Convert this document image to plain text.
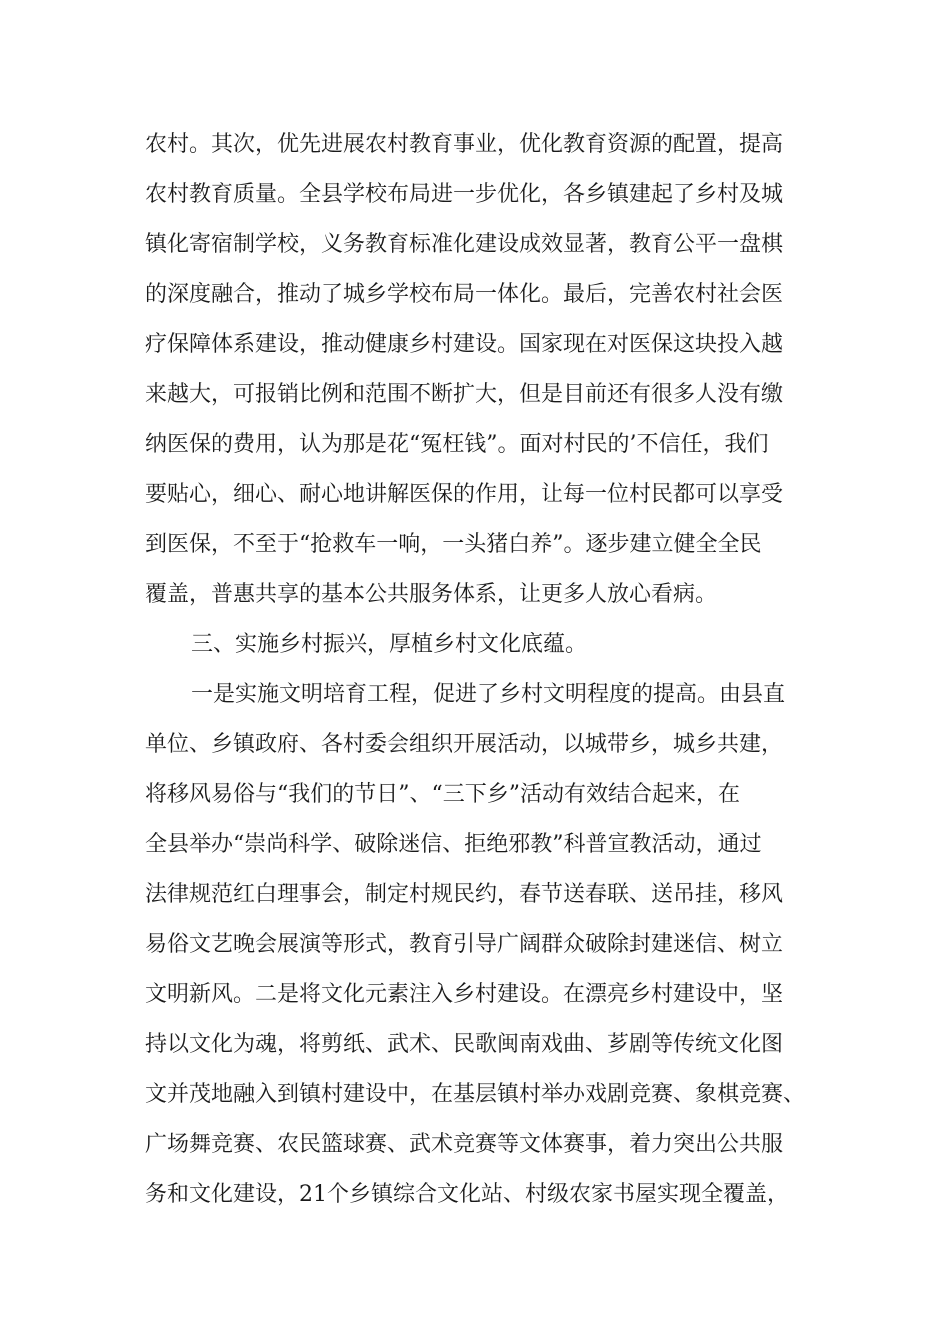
农村。其次，优先进展农村教育事业，优化教育资源的配置，提高
农村教育质量。全县学校布局进一步优化，各乡镇建起了乡村及城
镇化寄宿制学校，义务教育标准化建设成效显著，教育公平一盘棋
的深度融合，推动了城乡学校布局一体化。最后，完善农村社会医
疗保障体系建设，推动健康乡村建设。国家现在对医保这块投入越
来越大，可报销比例和范围不断扩大，但是目前还有很多人没有缴
纳医保的费用，认为那是花“冤枉钱”。面对村民的’不信任，我们
要贴心，细心、耐心地讲解医保的作用，让每一位村民都可以享受
到医保，不至于“抢救车一响，一头猪白养”。逐步建立健全全民
覆盖，普惠共享的基本公共服务体系，让更多人放心看病。
三、实施乡村振兴，厚植乡村文化底蕴。
一是实施文明培育工程，促进了乡村文明程度的提高。由县直
单位、乡镇政府、各村委会组织开展活动，以城带乡，城乡共建，
将移风易俗与“我们的节日”、“三下乡”活动有效结合起来，在
全县举办“崇尚科学、破除迷信、拒绝邪教”科普宣教活动，通过
法律规范红白理事会，制定村规民约，春节送春联、送吊挂，移风
易俗文艺晚会展演等形式，教育引导广阔群众破除封建迷信、树立
文明新风。二是将文化元素注入乡村建设。在漂亮乡村建设中，坚
持以文化为魂，将剪纸、武术、民歌闽南戏曲、芗剧等传统文化图
文并茂地融入到镇村建设中，在基层镇村举办戏剧竞赛、象棋竞赛、
广场舞竞赛、农民篮球赛、武术竞赛等文体赛事，着力突出公共服
务和文化建设，21个乡镇综合文化站、村级农家书屋实现全覆盖，
